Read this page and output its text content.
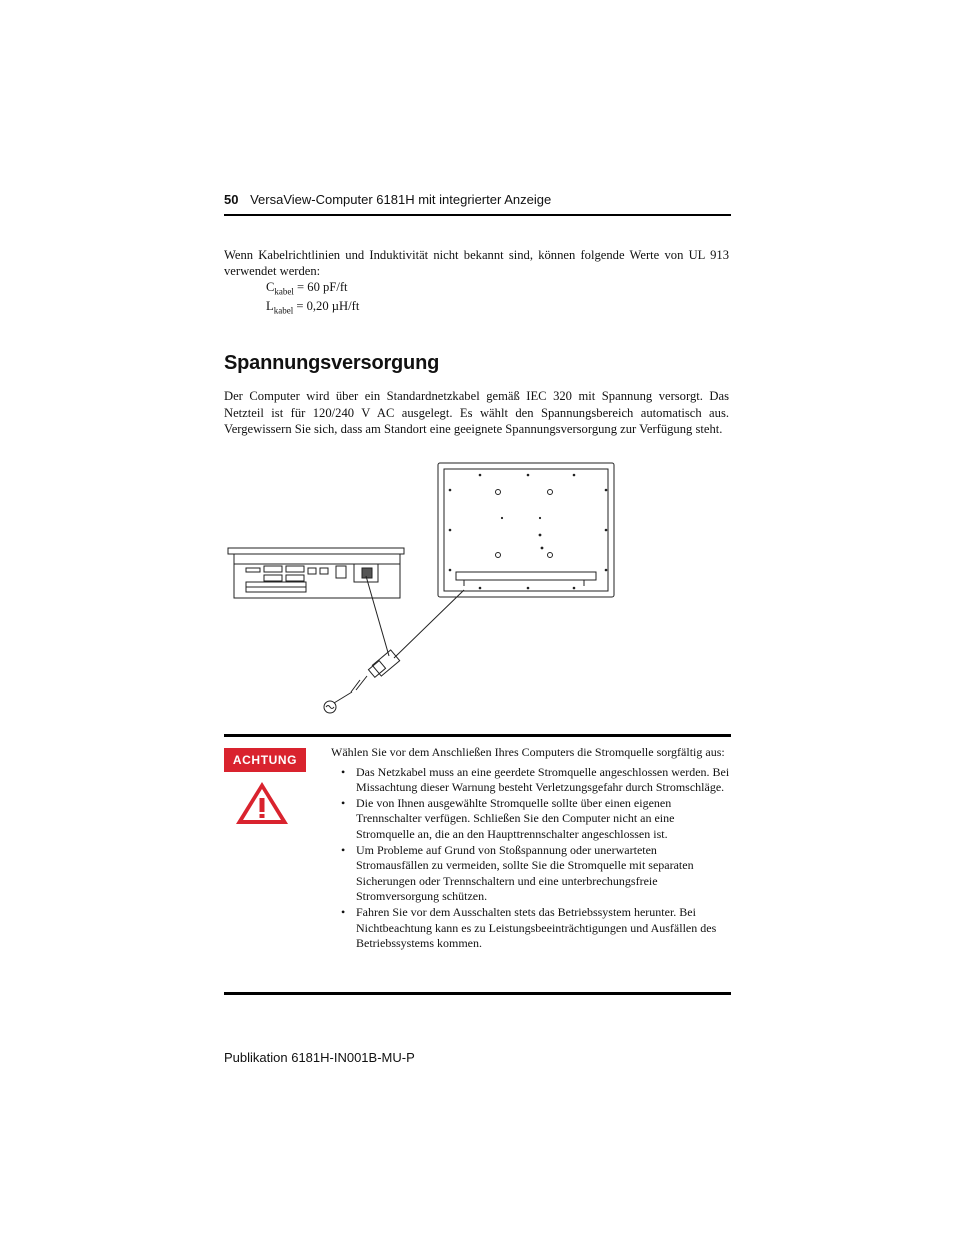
50 VersaView-Computer 6181H mit integrierter Anzeige
Wenn Kabelrichtlinien und Induktivität nicht bekannt sind, können folgende Werte von UL 913 verwendet werden:
$C_{kabel} = 60$ pF/ft
$L_{kabel} = 0,20$ µH/ft
Spannungsversorgung
Der Computer wird über ein Standardnetzkabel gemäß IEC 320 mit Spannung versorgt. Das Netzteil ist für 120/240 V AC ausgelegt. Es wählt den Spannungsbereich automatisch aus. Vergewissern Sie sich, dass am Standort eine geeignete Spannungsversorgung zur Verfügung steht.
ACHTUNG

Wählen Sie vor dem Anschließen Ihres Computers die Stromquelle sorgfältig aus:

• Das Netzkabel muss an eine geerdete Stromquelle angeschlossen werden. Bei Missachtung dieser Warnung besteht Verletzungsgefahr durch Stromschläge.
• Die von Ihnen ausgewählte Stromquelle sollte über einen eigenen Trennschalter verfügen. Schließen Sie den Computer nicht an eine Stromquelle an, die an den Haupttrennschalter angeschlossen ist.
• Um Probleme auf Grund von Stoßspannung oder unerwarteten Stromausfällen zu vermeiden, sollte Sie die Stromquelle mit separaten Sicherungen oder Trennschaltern und eine unterbrechungsfreie Stromversorgung schützen.
• Fahren Sie vor dem Ausschalten stets das Betriebssystem herunter. Bei Nichtbeachtung kann es zu Leistungsbeeinträchtigungen und Ausfällen des Betriebssystems kommen.
Publikation 6181H-IN001B-MU-P
